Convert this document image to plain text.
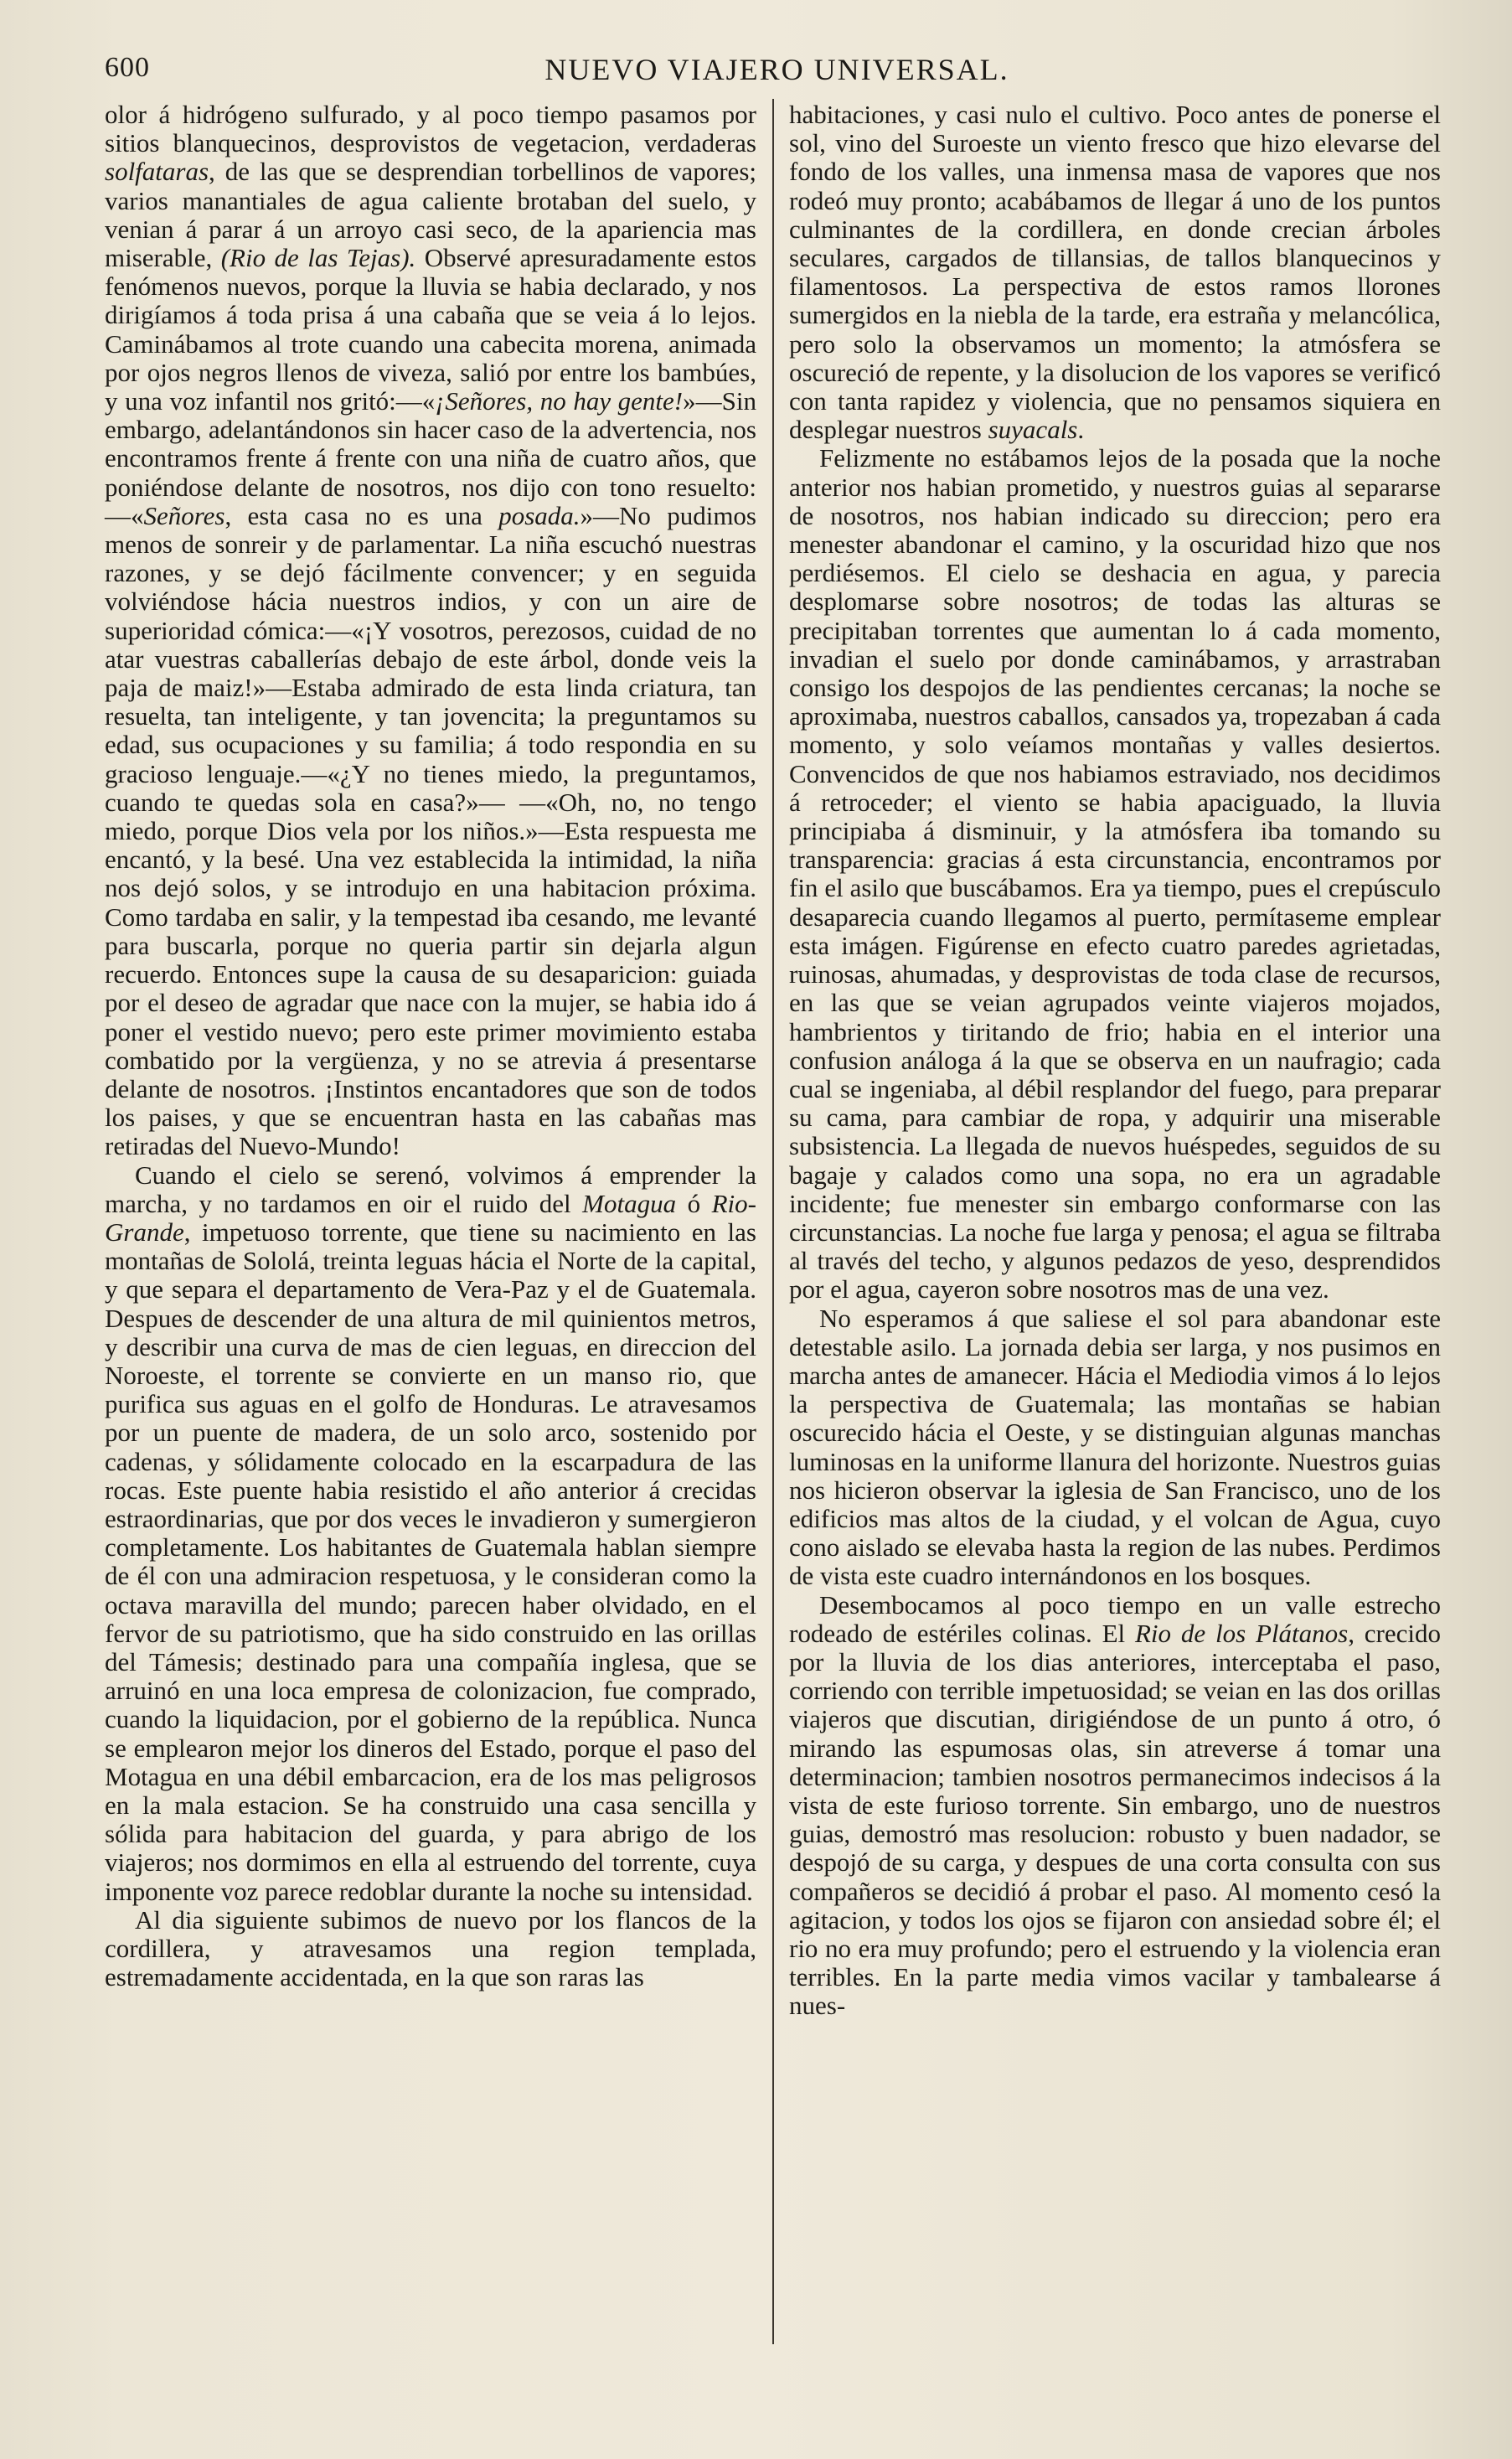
600	NUEVO VIAJERO UNIVERSAL.

olor á hidrógeno sulfurado, y al poco tiempo pasamos por sitios blanquecinos, desprovistos de vegetacion, verdaderas solfataras, de las que se desprendian torbellinos de vapores; varios manantiales de agua caliente brotaban del suelo, y venian á parar á un arroyo casi seco, de la apariencia mas miserable, (Rio de las Tejas). Observé apresuradamente estos fenómenos nuevos, porque la lluvia se habia declarado, y nos dirigíamos á toda prisa á una cabaña que se veia á lo lejos. Caminábamos al trote cuando una cabecita morena, animada por ojos negros llenos de viveza, salió por entre los bambúes, y una voz infantil nos gritó:—«¡Señores, no hay gente!»—Sin embargo, adelantándonos sin hacer caso de la advertencia, nos encontramos frente á frente con una niña de cuatro años, que poniéndose delante de nosotros, nos dijo con tono resuelto:—«Señores, esta casa no es una posada.»—No pudimos menos de sonreir y de parlamentar. La niña escuchó nuestras razones, y se dejó fácilmente convencer; y en seguida volviéndose hácia nuestros indios, y con un aire de superioridad cómica:—«¡Y vosotros, perezosos, cuidad de no atar vuestras caballerías debajo de este árbol, donde veis la paja de maiz!»—Estaba admirado de esta linda criatura, tan resuelta, tan inteligente, y tan jovencita; la preguntamos su edad, sus ocupaciones y su familia; á todo respondia en su gracioso lenguaje.—«¿Y no tienes miedo, la preguntamos, cuando te quedas sola en casa?»— —«Oh, no, no tengo miedo, porque Dios vela por los niños.»—Esta respuesta me encantó, y la besé. Una vez establecida la intimidad, la niña nos dejó solos, y se introdujo en una habitacion próxima. Como tardaba en salir, y la tempestad iba cesando, me levanté para buscarla, porque no queria partir sin dejarla algun recuerdo. Entonces supe la causa de su desaparicion: guiada por el deseo de agradar que nace con la mujer, se habia ido á poner el vestido nuevo; pero este primer movimiento estaba combatido por la vergüenza, y no se atrevia á presentarse delante de nosotros. ¡Instintos encantadores que son de todos los paises, y que se encuentran hasta en las cabañas mas retiradas del Nuevo-Mundo!

Cuando el cielo se serenó, volvimos á emprender la marcha, y no tardamos en oir el ruido del Motagua ó Rio-Grande, impetuoso torrente, que tiene su nacimiento en las montañas de Sololá, treinta leguas hácia el Norte de la capital, y que separa el departamento de Vera-Paz y el de Guatemala. Despues de descender de una altura de mil quinientos metros, y describir una curva de mas de cien leguas, en direccion del Noroeste, el torrente se convierte en un manso rio, que purifica sus aguas en el golfo de Honduras. Le atravesamos por un puente de madera, de un solo arco, sostenido por cadenas, y sólidamente colocado en la escarpadura de las rocas. Este puente habia resistido el año anterior á crecidas estraordinarias, que por dos veces le invadieron y sumergieron completamente. Los habitantes de Guatemala hablan siempre de él con una admiracion respetuosa, y le consideran como la octava maravilla del mundo; parecen haber olvidado, en el fervor de su patriotismo, que ha sido construido en las orillas del Támesis; destinado para una compañía inglesa, que se arruinó en una loca empresa de colonizacion, fue comprado, cuando la liquidacion, por el gobierno de la república. Nunca se emplearon mejor los dineros del Estado, porque el paso del Motagua en una débil embarcacion, era de los mas peligrosos en la mala estacion. Se ha construido una casa sencilla y sólida para habitacion del guarda, y para abrigo de los viajeros; nos dormimos en ella al estruendo del torrente, cuya imponente voz parece redoblar durante la noche su intensidad.

Al dia siguiente subimos de nuevo por los flancos de la cordillera, y atravesamos una region templada, estremadamente accidentada, en la que son raras las

habitaciones, y casi nulo el cultivo. Poco antes de ponerse el sol, vino del Suroeste un viento fresco que hizo elevarse del fondo de los valles, una inmensa masa de vapores que nos rodeó muy pronto; acabábamos de llegar á uno de los puntos culminantes de la cordillera, en donde crecian árboles seculares, cargados de tillansias, de tallos blanquecinos y filamentosos. La perspectiva de estos ramos llorones sumergidos en la niebla de la tarde, era estraña y melancólica, pero solo la observamos un momento; la atmósfera se oscureció de repente, y la disolucion de los vapores se verificó con tanta rapidez y violencia, que no pensamos siquiera en desplegar nuestros suyacals.

Felizmente no estábamos lejos de la posada que la noche anterior nos habian prometido, y nuestros guias al separarse de nosotros, nos habian indicado su direccion; pero era menester abandonar el camino, y la oscuridad hizo que nos perdiésemos. El cielo se deshacia en agua, y parecia desplomarse sobre nosotros; de todas las alturas se precipitaban torrentes que aumentan lo á cada momento, invadian el suelo por donde caminábamos, y arrastraban consigo los despojos de las pendientes cercanas; la noche se aproximaba, nuestros caballos, cansados ya, tropezaban á cada momento, y solo veíamos montañas y valles desiertos. Convencidos de que nos habiamos estraviado, nos decidimos á retroceder; el viento se habia apaciguado, la lluvia principiaba á disminuir, y la atmósfera iba tomando su transparencia: gracias á esta circunstancia, encontramos por fin el asilo que buscábamos. Era ya tiempo, pues el crepúsculo desaparecia cuando llegamos al puerto, permítaseme emplear esta imágen. Figúrense en efecto cuatro paredes agrietadas, ruinosas, ahumadas, y desprovistas de toda clase de recursos, en las que se veian agrupados veinte viajeros mojados, hambrientos y tiritando de frio; habia en el interior una confusion análoga á la que se observa en un naufragio; cada cual se ingeniaba, al débil resplandor del fuego, para preparar su cama, para cambiar de ropa, y adquirir una miserable subsistencia. La llegada de nuevos huéspedes, seguidos de su bagaje y calados como una sopa, no era un agradable incidente; fue menester sin embargo conformarse con las circunstancias. La noche fue larga y penosa; el agua se filtraba al través del techo, y algunos pedazos de yeso, desprendidos por el agua, cayeron sobre nosotros mas de una vez.

No esperamos á que saliese el sol para abandonar este detestable asilo. La jornada debia ser larga, y nos pusimos en marcha antes de amanecer. Hácia el Mediodia vimos á lo lejos la perspectiva de Guatemala; las montañas se habian oscurecido hácia el Oeste, y se distinguian algunas manchas luminosas en la uniforme llanura del horizonte. Nuestros guias nos hicieron observar la iglesia de San Francisco, uno de los edificios mas altos de la ciudad, y el volcan de Agua, cuyo cono aislado se elevaba hasta la region de las nubes. Perdimos de vista este cuadro internándonos en los bosques.

Desembocamos al poco tiempo en un valle estrecho rodeado de estériles colinas. El Rio de los Plátanos, crecido por la lluvia de los dias anteriores, interceptaba el paso, corriendo con terrible impetuosidad; se veian en las dos orillas viajeros que discutian, dirigiéndose de un punto á otro, ó mirando las espumosas olas, sin atreverse á tomar una determinacion; tambien nosotros permanecimos indecisos á la vista de este furioso torrente. Sin embargo, uno de nuestros guias, demostró mas resolucion: robusto y buen nadador, se despojó de su carga, y despues de una corta consulta con sus compañeros se decidió á probar el paso. Al momento cesó la agitacion, y todos los ojos se fijaron con ansiedad sobre él; el rio no era muy profundo; pero el estruendo y la violencia eran terribles. En la parte media vimos vacilar y tambalearse á nues-
